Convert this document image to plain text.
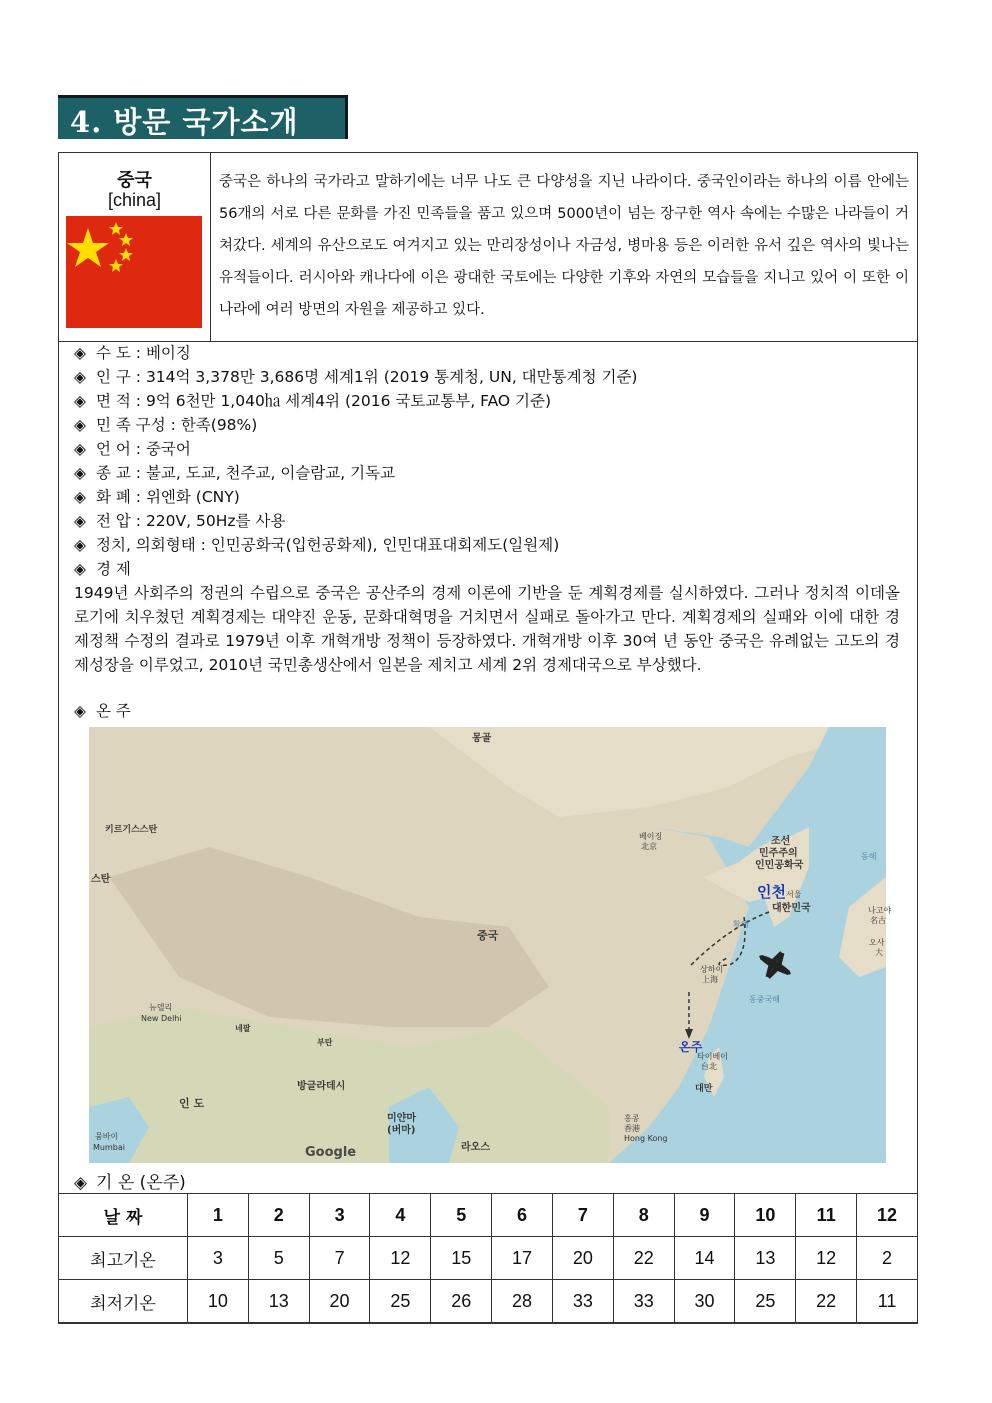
4. 방문 국가소개
중국
[china]
중국은 하나의 국가라고 말하기에는 너무 나도 큰 다양성을 지닌 나라이다. 중국인이라는 하나의 이름 안에는 56개의 서로 다른 문화를 가진 민족들을 품고 있으며 5000년이 넘는 장구한 역사 속에는 수많은 나라들이 거쳐갔다. 세계의 유산으로도 여겨지고 있는 만리장성이나 자금성, 병마용 등은 이러한 유서 깊은 역사의 빛나는 유적들이다. 러시아와 캐나다에 이은 광대한 국토에는 다양한 기후와 자연의 모습들을 지니고 있어 이 또한 이 나라에 여러 방면의 자원을 제공하고 있다.
◈ 수 도 : 베이징
◈ 인 구 : 314억 3,378만 3,686명 세계1위 (2019 통계청, UN, 대만통계청 기준)
◈ 면 적 : 9억 6천만 1,040㏊ 세계4위 (2016 국토교통부, FAO 기준)
◈ 민 족 구성 : 한족(98%)
◈ 언 어 : 중국어
◈ 종 교 : 불교, 도교, 천주교, 이슬람교, 기독교
◈ 화 폐 : 위엔화 (CNY)
◈ 전 압 : 220V, 50Hz를 사용
◈ 정치, 의회형태 : 인민공화국(입헌공화제), 인민대표대회제도(일원제)
◈ 경 제
1949년 사회주의 정권의 수립으로 중국은 공산주의 경제 이론에 기반을 둔 계획경제를 실시하였다. 그러나 정치적 이데올로기에 치우쳤던 계획경제는 대약진 운동, 문화대혁명을 거치면서 실패로 돌아가고 만다. 계획경제의 실패와 이에 대한 경제정책 수정의 결과로 1979년 이후 개혁개방 정책이 등장하였다. 개혁개방 이후 30여 년 동안 중국은 유례없는 고도의 경제성장을 이루었고, 2010년 국민총생산에서 일본을 제치고 세계 2위 경제대국으로 부상했다.
◈ 온 주
몽골
키르기스스탄
스탄
베이징
北京	조선
민주주의
인민공화국
동해
인천 서울
대한민국
황해
중국
상하이
上海
동중국해
나고야
名古
오사
大
뉴델리
New Delhi
네팔
부탄	온주
타이베이
台北
대만
방글라데시
인 도
미얀마
(버마)
홍콩
香港
Hong Kong
뭄바이
Mumbai	라오스
Google
◈ 기 온 (온주)
날 짜	1	2	3	4	5	6	7	8	9	10	11	12
최고기온	3	5	7	12	15	17	20	22	14	13	12	2
최저기온	10	13	20	25	26	28	33	33	30	25	22	11
